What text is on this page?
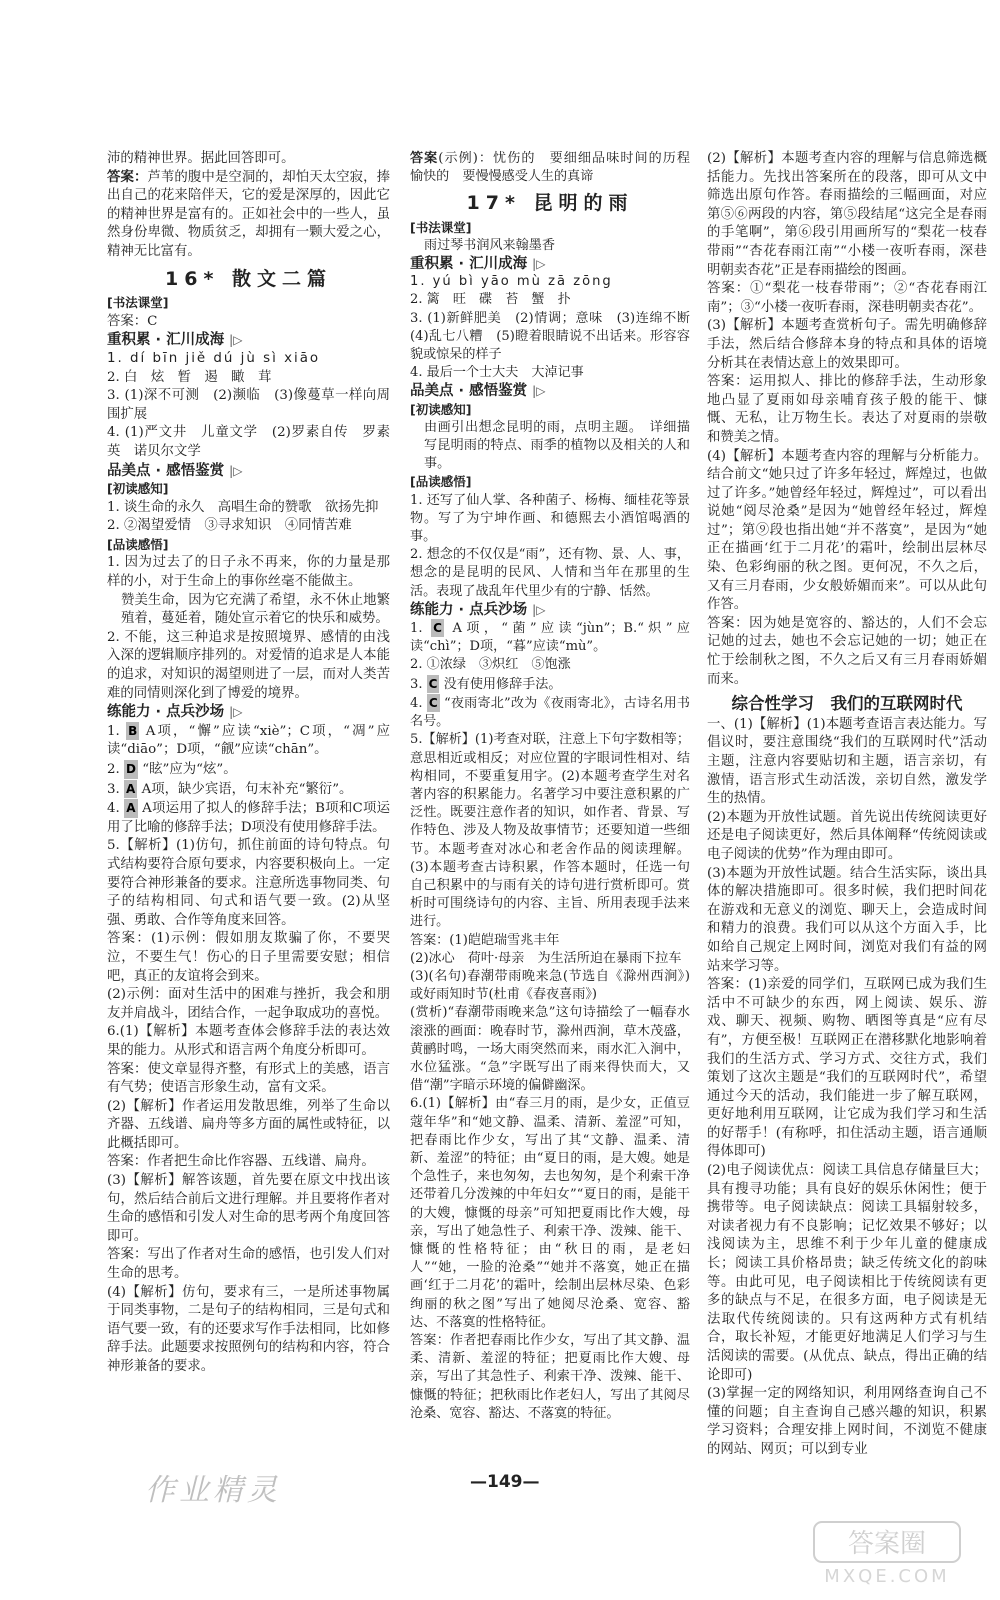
沛的精神世界。据此回答即可。

答案：芦苇的腹中是空洞的，却怕天太空寂，捧出自己的花来陪伴天，它的爱是深厚的，因此它的精神世界是富有的。正如社会中的一些人，虽然身份卑微、物质贫乏，却拥有一颗大爱之心，精神无比富有。

16* 散文二篇

[书法课堂]

答案：C

重积累 · 汇川成海 |▷

1. dí bīn jiě dú jù sì xiāo

2. 白　炫　暂　遏　瞰　茸

3. (1)深不可测　(2)濒临　(3)像蔓草一样向周围扩展

4. (1)严文井　儿童文学　(2)罗素自传　罗素　英　诺贝尔文学

品美点 · 感悟鉴赏 |▷

[初读感知]

1. 谈生命的永久　高唱生命的赞歌　欲扬先抑

2. ②渴望爱情　③寻求知识　④同情苦难

[品读感悟]

1. 因为过去了的日子永不再来，你的力量是那样的小，对于生命上的事你丝毫不能做主。

赞美生命，因为它充满了希望，永不休止地繁殖着，蔓延着，随处宣示着它的快乐和威势。

2. 不能，这三种追求是按照境界、感情的由浅入深的逻辑顺序排列的。对爱情的追求是人本能的追求，对知识的渴望则进了一层，而对人类苦难的同情则深化到了博爱的境界。

练能力 · 点兵沙场 |▷

1. B A项，“懈”应读“xiè”；C项，“凋”应读“diāo”；D项，“觎”应读“chān”。

2. D “眩”应为“炫”。

3. A A项，缺少宾语，句末补充“繁衍”。

4. A A项运用了拟人的修辞手法；B项和C项运用了比喻的修辞手法；D项没有使用修辞手法。

5.【解析】(1)仿句，抓住前面的诗句特点。句式结构要符合原句要求，内容要积极向上。一定要符合神形兼备的要求。注意所选事物同类、句子的结构相同、句式和语气要一致。(2)从坚强、勇敢、合作等角度来回答。

答案：(1)示例：假如朋友欺骗了你，不要哭泣，不要生气！伤心的日子里需要安慰；相信吧，真正的友谊将会到来。

(2)示例：面对生活中的困难与挫折，我会和朋友并肩战斗，团结合作，一起争取成功的喜悦。

6.(1)【解析】本题考查体会修辞手法的表达效果的能力。从形式和语言两个角度分析即可。

答案：使文章显得齐整，有形式上的美感，语言有气势；使语言形象生动，富有文采。

(2)【解析】作者运用发散思维，列举了生命以齐器、五线谱、扁舟等多方面的属性或特征，以此概括即可。

答案：作者把生命比作容器、五线谱、扁舟。

(3)【解析】解答该题，首先要在原文中找出该句，然后结合前后文进行理解。并且要将作者对生命的感悟和引发人对生命的思考两个角度回答即可。

答案：写出了作者对生命的感悟，也引发人们对生命的思考。

(4)【解析】仿句，要求有三，一是所述事物属于同类事物，二是句子的结构相同，三是句式和语气要一致，有的还要求写作手法相同，比如修辞手法。此题要求按照例句的结构和内容，符合神形兼备的要求。

答案(示例)：忧伤的　要细细品味时间的历程　愉快的　要慢慢感受人生的真谛

17* 昆明的雨

[书法课堂]

雨过琴书润风来翰墨香

重积累 · 汇川成海 |▷

1. yú bì yāo mù zā zōng

2. 篱　旺　碟　苔　蟹　扑

3. (1)新鲜肥美　(2)情调；意味　(3)连绵不断　(4)乱七八糟　(5)瞪着眼睛说不出话来。形容容貌或惊呆的样子

4. 最后一个士大夫　大淖记事

品美点 · 感悟鉴赏 |▷

[初读感知]

由画引出想念昆明的雨，点明主题。　详细描写昆明雨的特点、雨季的植物以及相关的人和事。

[品读感悟]

1. 还写了仙人掌、各种菌子、杨梅、缅桂花等景物。写了为宁坤作画、和德熙去小酒馆喝酒的事。

2. 想念的不仅仅是“雨”，还有物、景、人、事，想念的是昆明的民风、人情和当年在那里的生活。表现了战乱年代里少有的宁静、恬然。

练能力 · 点兵沙场 |▷

1. C A项，“菌”应读“jùn”；B.“炽”应读“chì”；D项，“暮”应读“mù”。

2. ①浓绿　③炽红　⑤饱涨

3. C 没有使用修辞手法。

4. C “夜雨寄北”改为《夜雨寄北》，古诗名用书名号。

5.【解析】(1)考查对联，注意上下句字数相等；意思相近或相反；对应位置的字眼词性相对、结构相同，不要重复用字。(2)本题考查学生对名著内容的积累能力。名著学习中要注意积累的广泛性。既要注意作者的知识，如作者、背景、写作特色、涉及人物及故事情节；还要知道一些细节。本题考查对冰心和老舍作品的阅读理解。(3)本题考查古诗积累，作答本题时，任选一句自己积累中的与雨有关的诗句进行赏析即可。赏析时可围绕诗句的内容、主旨、所用表现手法来进行。

答案：(1)皑皑瑞雪兆丰年

(2)冰心　荷叶·母亲　为生活所迫在暴雨下拉车

(3)(名句)春潮带雨晚来急(节选自《滁州西涧》)或好雨知时节(杜甫《春夜喜雨》)

(赏析)“春潮带雨晚来急”这句诗描绘了一幅春水滚涨的画面：晚春时节，滁州西涧，草木茂盛，黄鹂时鸣，一场大雨突然而来，雨水汇入涧中，水位猛涨。“急”字既写出了雨来得快而大，又借“潮”字暗示环境的偏僻幽深。

6.(1)【解析】由“春三月的雨，是少女，正值豆蔻年华”和“她文静、温柔、清新、羞涩”可知，把春雨比作少女，写出了其“文静、温柔、清新、羞涩”的特征；由“夏日的雨，是大嫂。她是个急性子，来也匆匆，去也匆匆，是个利索干净还带着几分泼辣的中年妇女”“夏日的雨，是能干的大嫂，慷慨的母亲”可知把夏雨比作大嫂，母亲，写出了她急性子、利索干净、泼辣、能干、慷慨的性格特征；由“秋日的雨，是老妇人”“她，一脸的沧桑”“她并不落寞，她正在描画‘红于二月花’的霜叶，绘制出层林尽染、色彩绚丽的秋之图”写出了她阅尽沧桑、宽容、豁达、不落寞的性格特征。

答案：作者把春雨比作少女，写出了其文静、温柔、清新、羞涩的特征；把夏雨比作大嫂、母亲，写出了其急性子、利索干净、泼辣、能干、慷慨的特征；把秋雨比作老妇人，写出了其阅尽沧桑、宽容、豁达、不落寞的特征。

(2)【解析】本题考查内容的理解与信息筛选概括能力。先找出答案所在的段落，即可从文中筛选出原句作答。春雨描绘的三幅画面，对应第⑤⑥两段的内容，第⑤段结尾“这完全是春雨的手笔啊”，第⑥段引用画所写的“梨花一枝春带雨”“杏花春雨江南”“小楼一夜听春雨，深巷明朝卖杏花”正是春雨描绘的图画。

答案：①“梨花一枝春带雨”；②“杏花春雨江南”；③“小楼一夜听春雨，深巷明朝卖杏花”。

(3)【解析】本题考查赏析句子。需先明确修辞手法，然后结合修辞本身的特点和具体的语境分析其在表情达意上的效果即可。

答案：运用拟人、排比的修辞手法，生动形象地凸显了夏雨如母亲哺育孩子般的能干、慷慨、无私，让万物生长。表达了对夏雨的崇敬和赞美之情。

(4)【解析】本题考查内容的理解与分析能力。结合前文“她只过了许多年轻过，辉煌过，也做过了许多。”她曾经年轻过，辉煌过”，可以看出说她“阅尽沧桑”是因为“她曾经年轻过，辉煌过”；第⑨段也指出她“并不落寞”，是因为“她正在描画‘红于二月花’的霜叶，绘制出层林尽染、色彩绚丽的秋之图。更何况，不久之后，又有三月春雨，少女般娇媚而来”。可以从此句作答。

答案：因为她是宽容的、豁达的，人们不会忘记她的过去，她也不会忘记她的一切；她正在忙于绘制秋之图，不久之后又有三月春雨娇媚而来。

综合性学习　我们的互联网时代

一、(1)【解析】(1)本题考查语言表达能力。写倡议时，要注意围绕“我们的互联网时代”活动主题，注意内容要贴切和主题，语言亲切，有激情，语言形式生动活泼，亲切自然，激发学生的热情。

(2)本题为开放性试题。首先说出传统阅读更好还是电子阅读更好，然后具体阐释“传统阅读或电子阅读的优势”作为理由即可。

(3)本题为开放性试题。结合生活实际，谈出具体的解决措施即可。很多时候，我们把时间花在游戏和无意义的浏览、聊天上，会造成时间和精力的浪费。我们可以从这个方面入手，比如给自己规定上网时间，浏览对我们有益的网站来学习等。

答案：(1)亲爱的同学们，互联网已成为我们生活中不可缺少的东西，网上阅读、娱乐、游戏、聊天、视频、购物、晒图等真是“应有尽有”，方便至极！互联网正在潜移默化地影响着我们的生活方式、学习方式、交往方式，我们策划了这次主题是“我们的互联网时代”，希望通过今天的活动，我们能进一步了解互联网，更好地利用互联网，让它成为我们学习和生活的好帮手！(有称呼，扣住活动主题，语言通顺得体即可)

(2)电子阅读优点：阅读工具信息存储量巨大；具有搜寻功能；具有良好的娱乐休闲性；便于携带等。电子阅读缺点：阅读工具辐射较多，对读者视力有不良影响；记忆效果不够好；以浅阅读为主，思维不利于少年儿童的健康成长；阅读工具价格昂贵；缺乏传统文化的韵味等。由此可见，电子阅读相比于传统阅读有更多的缺点与不足，在很多方面，电子阅读是无法取代传统阅读的。只有这两种方式有机结合，取长补短，才能更好地满足人们学习与生活阅读的需要。(从优点、缺点，得出正确的结论即可)

(3)掌握一定的网络知识，利用网络查询自己不懂的问题；自主查询自己感兴趣的知识，积累学习资料；合理安排上网时间，不浏览不健康的网站、网页；可以到专业

—149—
作业精灵
答案圈
MXQE.COM
